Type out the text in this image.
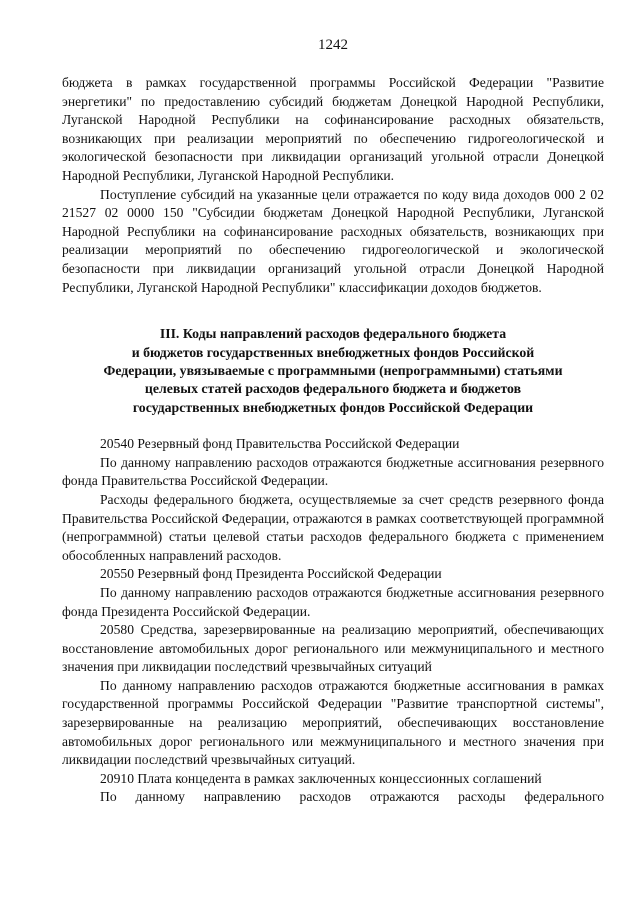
1242

бюджета в рамках государственной программы Российской Федерации "Развитие энергетики" по предоставлению субсидий бюджетам Донецкой Народной Республики, Луганской Народной Республики на софинансирование расходных обязательств, возникающих при реализации мероприятий по обеспечению гидрогеологической и экологической безопасности при ликвидации организаций угольной отрасли Донецкой Народной Республики, Луганской Народной Республики.

Поступление субсидий на указанные цели отражается по коду вида доходов 000 2 02 21527 02 0000 150 "Субсидии бюджетам Донецкой Народной Республики, Луганской Народной Республики на софинансирование расходных обязательств, возникающих при реализации мероприятий по обеспечению гидрогеологической и экологической безопасности при ликвидации организаций угольной отрасли Донецкой Народной Республики, Луганской Народной Республики" классификации доходов бюджетов.

III. Коды направлений расходов федерального бюджета
и бюджетов государственных внебюджетных фондов Российской
Федерации, увязываемые с программными (непрограммными) статьями
целевых статей расходов федерального бюджета и бюджетов
государственных внебюджетных фондов Российской Федерации

20540 Резервный фонд Правительства Российской Федерации

По данному направлению расходов отражаются бюджетные ассигнования резервного фонда Правительства Российской Федерации.

Расходы федерального бюджета, осуществляемые за счет средств резервного фонда Правительства Российской Федерации, отражаются в рамках соответствующей программной (непрограммной) статьи целевой статьи расходов федерального бюджета с применением обособленных направлений расходов.

20550 Резервный фонд Президента Российской Федерации

По данному направлению расходов отражаются бюджетные ассигнования резервного фонда Президента Российской Федерации.

20580 Средства, зарезервированные на реализацию мероприятий, обеспечивающих восстановление автомобильных дорог регионального или межмуниципального и местного значения при ликвидации последствий чрезвычайных ситуаций

По данному направлению расходов отражаются бюджетные ассигнования в рамках государственной программы Российской Федерации "Развитие транспортной системы", зарезервированные на реализацию мероприятий, обеспечивающих восстановление автомобильных дорог регионального или межмуниципального и местного значения при ликвидации последствий чрезвычайных ситуаций.

20910 Плата концедента в рамках заключенных концессионных соглашений

По данному направлению расходов отражаются расходы федерального
